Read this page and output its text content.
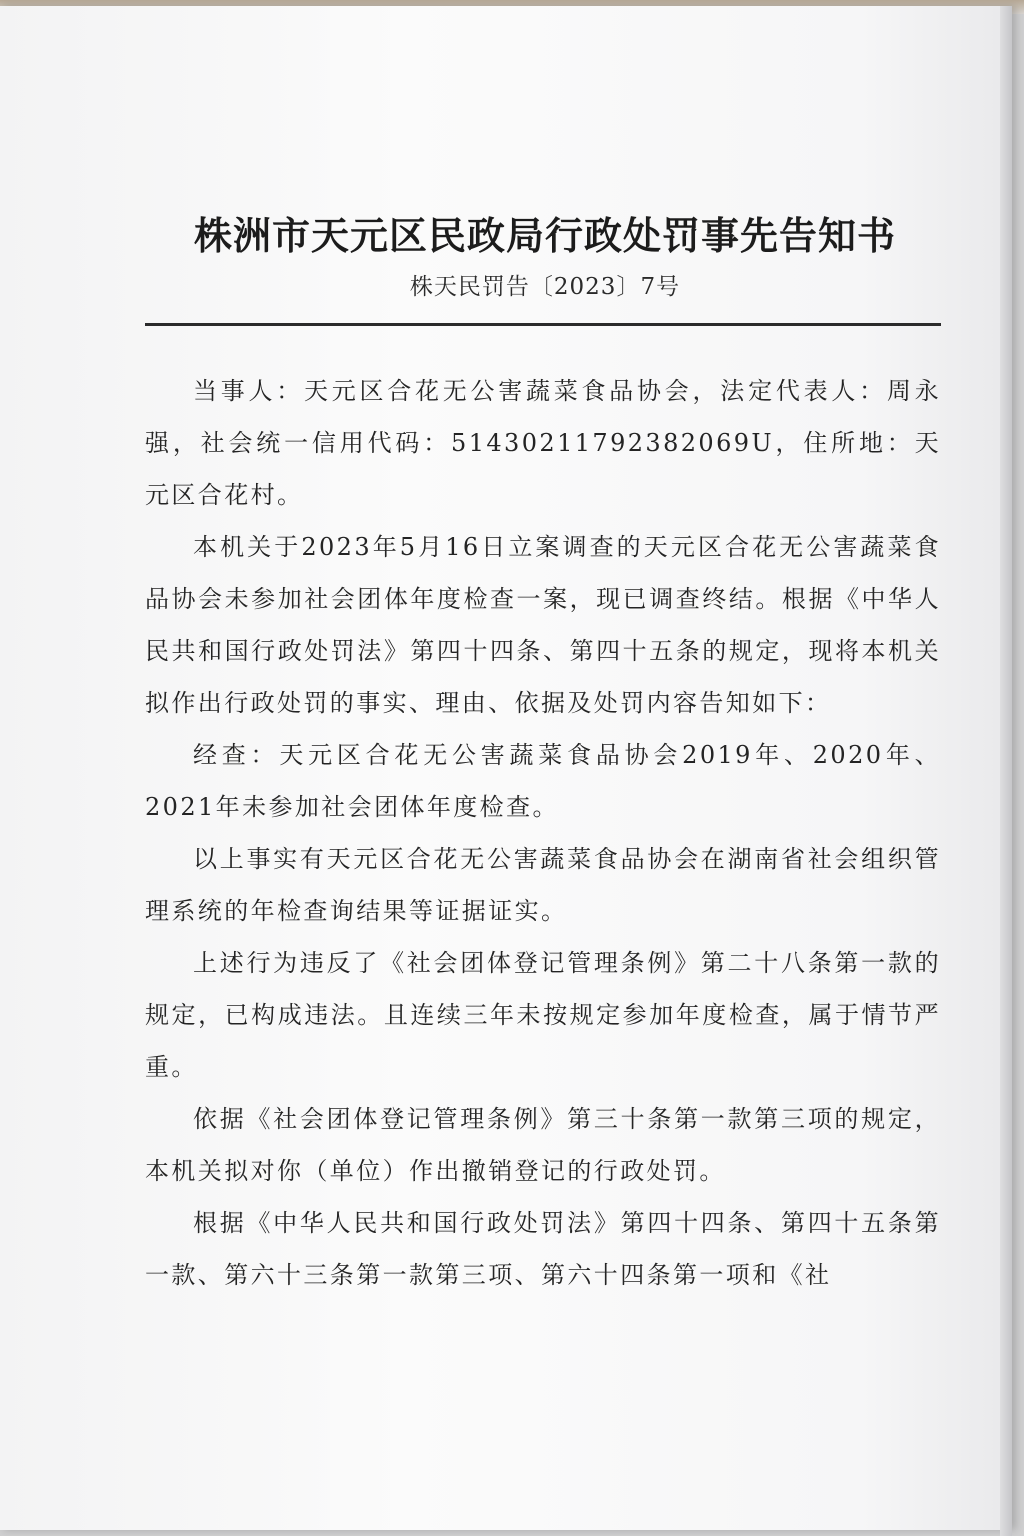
株洲市天元区民政局行政处罚事先告知书
株天民罚告〔2023〕7号

当事人：天元区合花无公害蔬菜食品协会，法定代表人：周永强，社会统一信用代码：51430211792382069U，住所地：天元区合花村。

本机关于2023年5月16日立案调查的天元区合花无公害蔬菜食品协会未参加社会团体年度检查一案，现已调查终结。根据《中华人民共和国行政处罚法》第四十四条、第四十五条的规定，现将本机关拟作出行政处罚的事实、理由、依据及处罚内容告知如下：

经查：天元区合花无公害蔬菜食品协会2019年、2020年、2021年未参加社会团体年度检查。

以上事实有天元区合花无公害蔬菜食品协会在湖南省社会组织管理系统的年检查询结果等证据证实。

上述行为违反了《社会团体登记管理条例》第二十八条第一款的规定，已构成违法。且连续三年未按规定参加年度检查，属于情节严重。

依据《社会团体登记管理条例》第三十条第一款第三项的规定，本机关拟对你（单位）作出撤销登记的行政处罚。

根据《中华人民共和国行政处罚法》第四十四条、第四十五条第一款、第六十三条第一款第三项、第六十四条第一项和《社
